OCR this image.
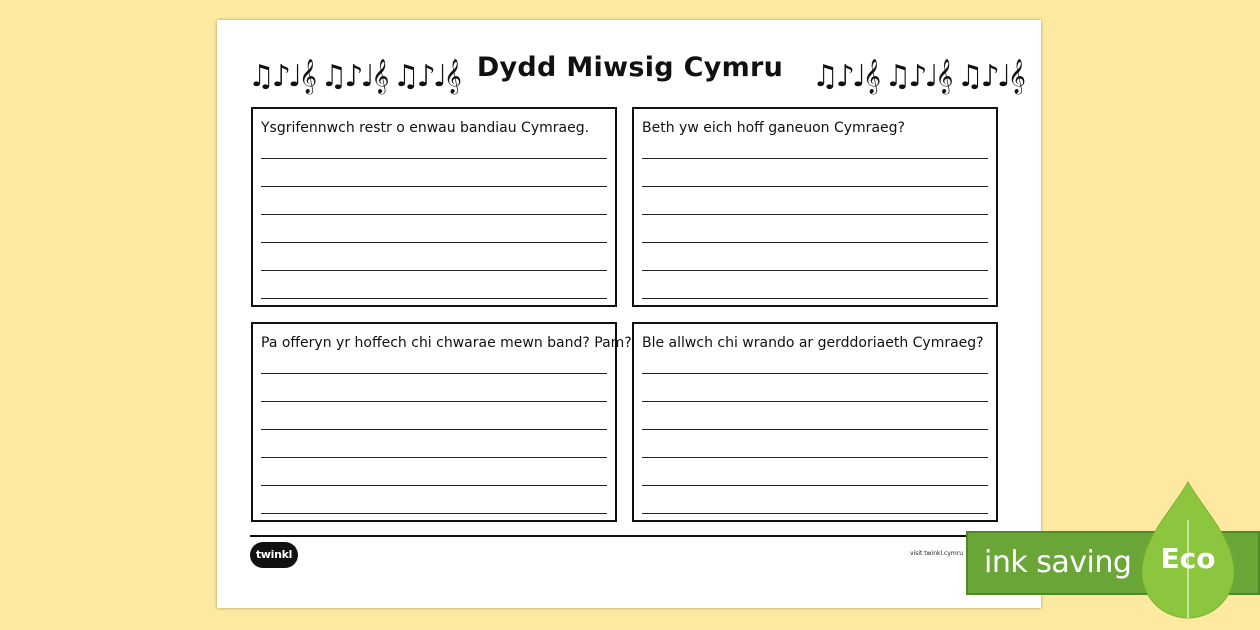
Dydd Miwsig Cymru
♫♪♩𝄞 ♫♪♩𝄞 ♫♪♩𝄞	♫♪♩𝄞 ♫♪♩𝄞 ♫♪♩𝄞

Ysgrifennwch restr o enwau bandiau Cymraeg.	Beth yw eich hoff ganeuon Cymraeg?

Pa offeryn yr hoffech chi chwarae mewn band? Pam? Ble allwch chi wrando ar gerddoriaeth Cymraeg?

twinkl	visit twinkl.cymru ink saving	Eco
